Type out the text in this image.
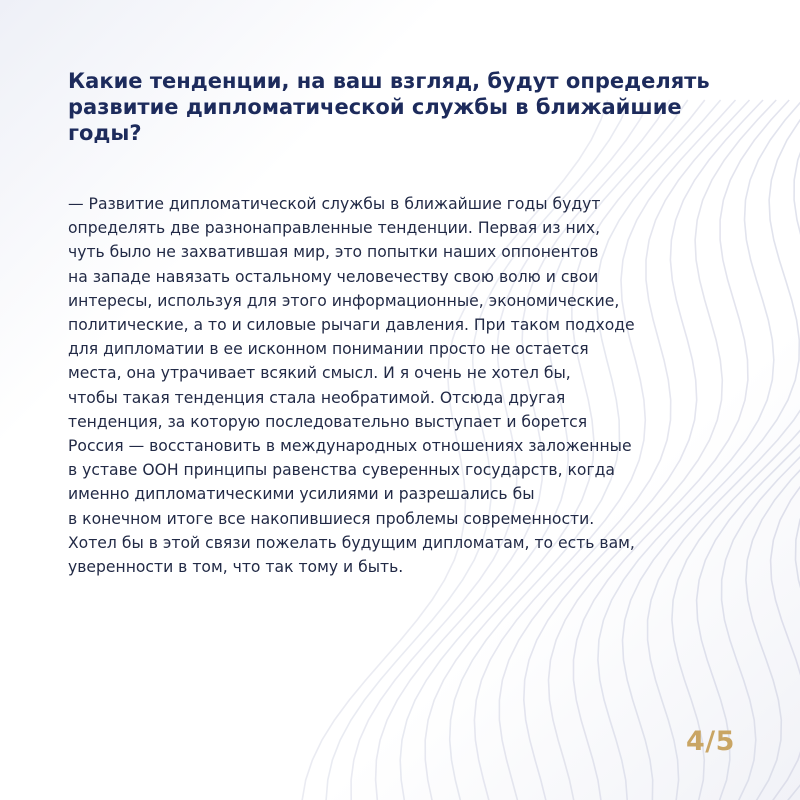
Какие тенденции, на ваш взгляд, будут определять
развитие дипломатической службы в ближайшие
годы?
— Развитие дипломатической службы в ближайшие годы будут
определять две разнонаправленные тенденции. Первая из них,
чуть было не захватившая мир, это попытки наших оппонентов
на западе навязать остальному человечеству свою волю и свои
интересы, используя для этого информационные, экономические,
политические, а то и силовые рычаги давления. При таком подходе
для дипломатии в ее исконном понимании просто не остается
места, она утрачивает всякий смысл. И я очень не хотел бы,
чтобы такая тенденция стала необратимой. Отсюда другая
тенденция, за которую последовательно выступает и борется
Россия — восстановить в международных отношениях заложенные
в уставе ООН принципы равенства суверенных государств, когда
именно дипломатическими усилиями и разрешались бы
в конечном итоге все накопившиеся проблемы современности.
Хотел бы в этой связи пожелать будущим дипломатам, то есть вам,
уверенности в том, что так тому и быть.
4/5
